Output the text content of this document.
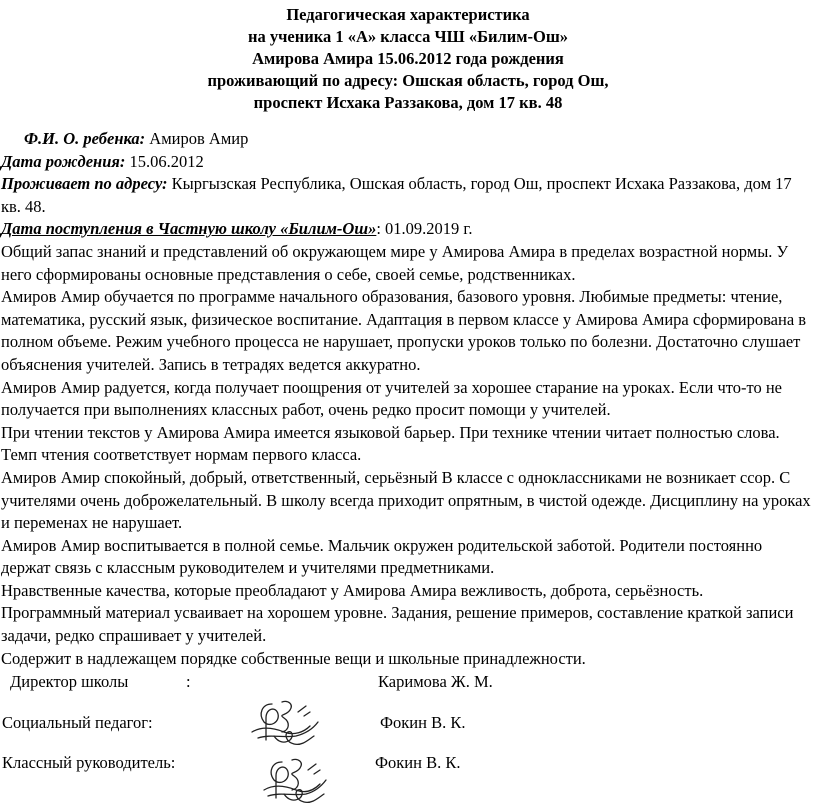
Педагогическая характеристика
на ученика 1 «А» класса ЧШ «Билим-Ош»
Амирова Амира 15.06.2012 года рождения
проживающий по адресу: Ошская область, город Ош,
проспект Исхака Раззакова, дом 17 кв. 48

Ф.И. О. ребенка: Амиров Амир

Дата рождения: 15.06.2012

Проживает по адресу: Кыргызская Республика, Ошская область, город Ош, проспект Исхака Раззакова, дом 17 кв. 48.

Дата поступления в Частную школу «Билим-Ош»: 01.09.2019 г.

Общий запас знаний и представлений об окружающем мире у Амирова Амира в пределах возрастной нормы. У него сформированы основные представления о себе, своей семье, родственниках.

Амиров Амир обучается по программе начального образования, базового уровня. Любимые предметы: чтение, математика, русский язык, физическое воспитание. Адаптация в первом классе у Амирова Амира сформирована в полном объеме. Режим учебного процесса не нарушает, пропуски уроков только по болезни. Достаточно слушает объяснения учителей. Запись в тетрадях ведется аккуратно.

Амиров Амир радуется, когда получает поощрения от учителей за хорошее старание на уроках. Если что-то не получается при выполнениях классных работ, очень редко просит помощи у учителей.

При чтении текстов у Амирова Амира имеется языковой барьер. При технике чтении читает полностью слова. Темп чтения соответствует нормам первого класса.

Амиров Амир спокойный, добрый, ответственный, серьёзный В классе с одноклассниками не возникает ссор. С учителями очень доброжелательный. В школу всегда приходит опрятным, в чистой одежде. Дисциплину на уроках и переменах не нарушает.

Амиров Амир воспитывается в полной семье. Мальчик окружен родительской заботой. Родители постоянно держат связь с классным руководителем и учителями предметниками.

Нравственные качества, которые преобладают у Амирова Амира вежливость, доброта, серьёзность.

Программный материал усваивает на хорошем уровне. Задания, решение примеров, составление краткой записи задачи, редко спрашивает у учителей.

Содержит в надлежащем порядке собственные вещи и школьные принадлежности.

Директор школы	:	Каримова Ж. М.
Социальный педагог:	Фокин В. К.
Классный руководитель:	Фокин В. К.
